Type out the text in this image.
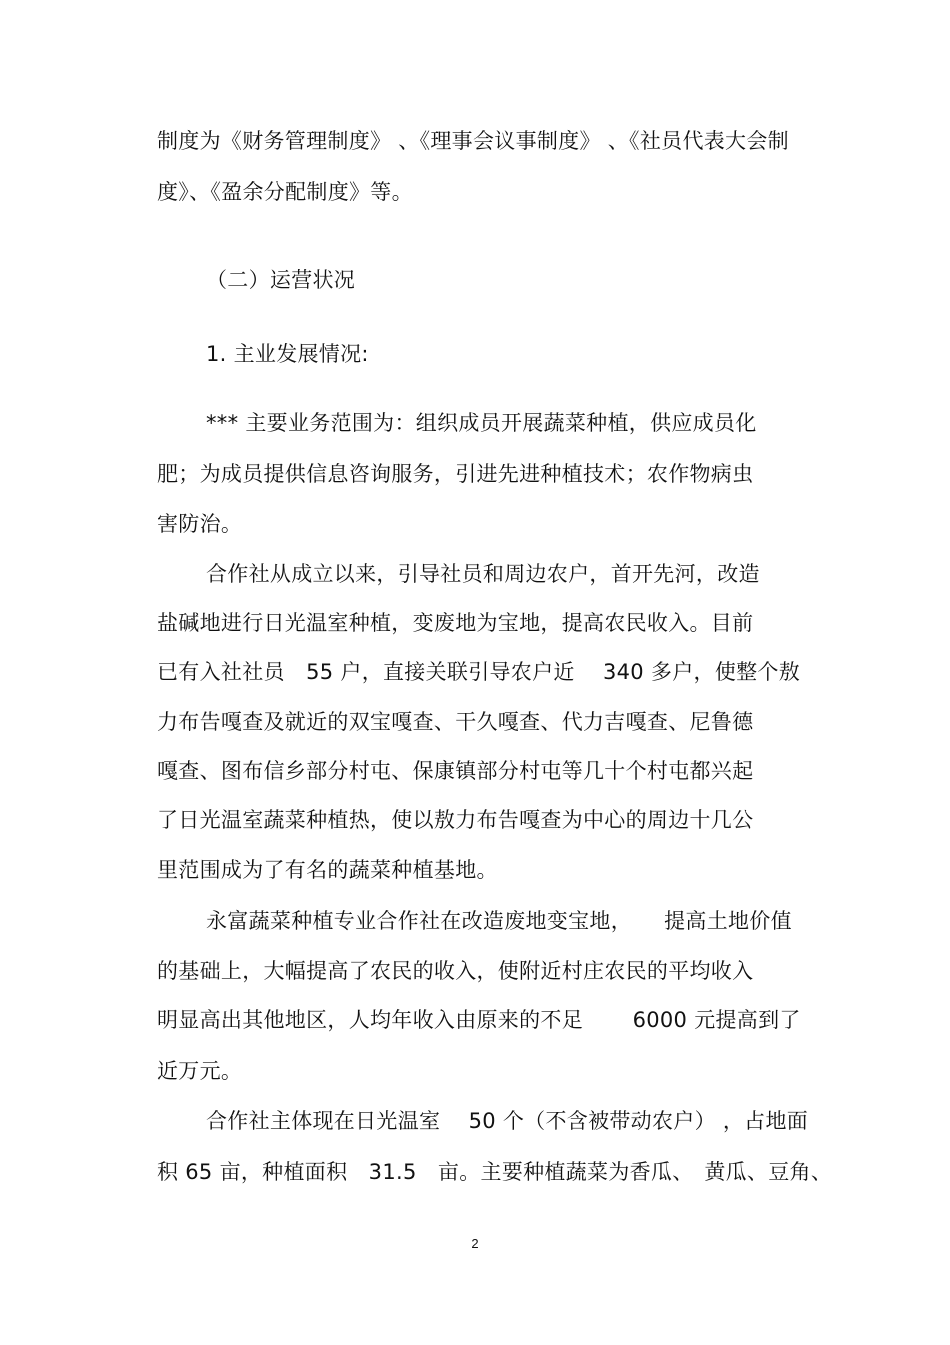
制度为《财务管理制度》 、《理事会议事制度》 、《社员代表大会制
度》、《盈余分配制度》等。
（二）运营状况
1. 主业发展情况:
*** 主要业务范围为：组织成员开展蔬菜种植，供应成员化
肥；为成员提供信息咨询服务，引进先进种植技术；农作物病虫
害防治。
合作社从成立以来，引导社员和周边农户，首开先河，改造
盐碱地进行日光温室种植，变废地为宝地，提高农民收入。目前
已有入社社员　55 户，直接关联引导农户近　 340 多户，使整个敖
力布告嘎查及就近的双宝嘎查、干久嘎查、代力吉嘎查、尼鲁德
嘎查、图布信乡部分村屯、保康镇部分村屯等几十个村屯都兴起
了日光温室蔬菜种植热，使以敖力布告嘎查为中心的周边十几公
里范围成为了有名的蔬菜种植基地。
永富蔬菜种植专业合作社在改造废地变宝地，　　提高土地价值
的基础上，大幅提高了农民的收入，使附近村庄农民的平均收入
明显高出其他地区，人均年收入由原来的不足　　 6000 元提高到了
近万元。
合作社主体现在日光温室　 50 个（不含被带动农户） ，占地面
积 65 亩，种植面积　31.5　亩。主要种植蔬菜为香瓜、　黄瓜、豆角、
2
